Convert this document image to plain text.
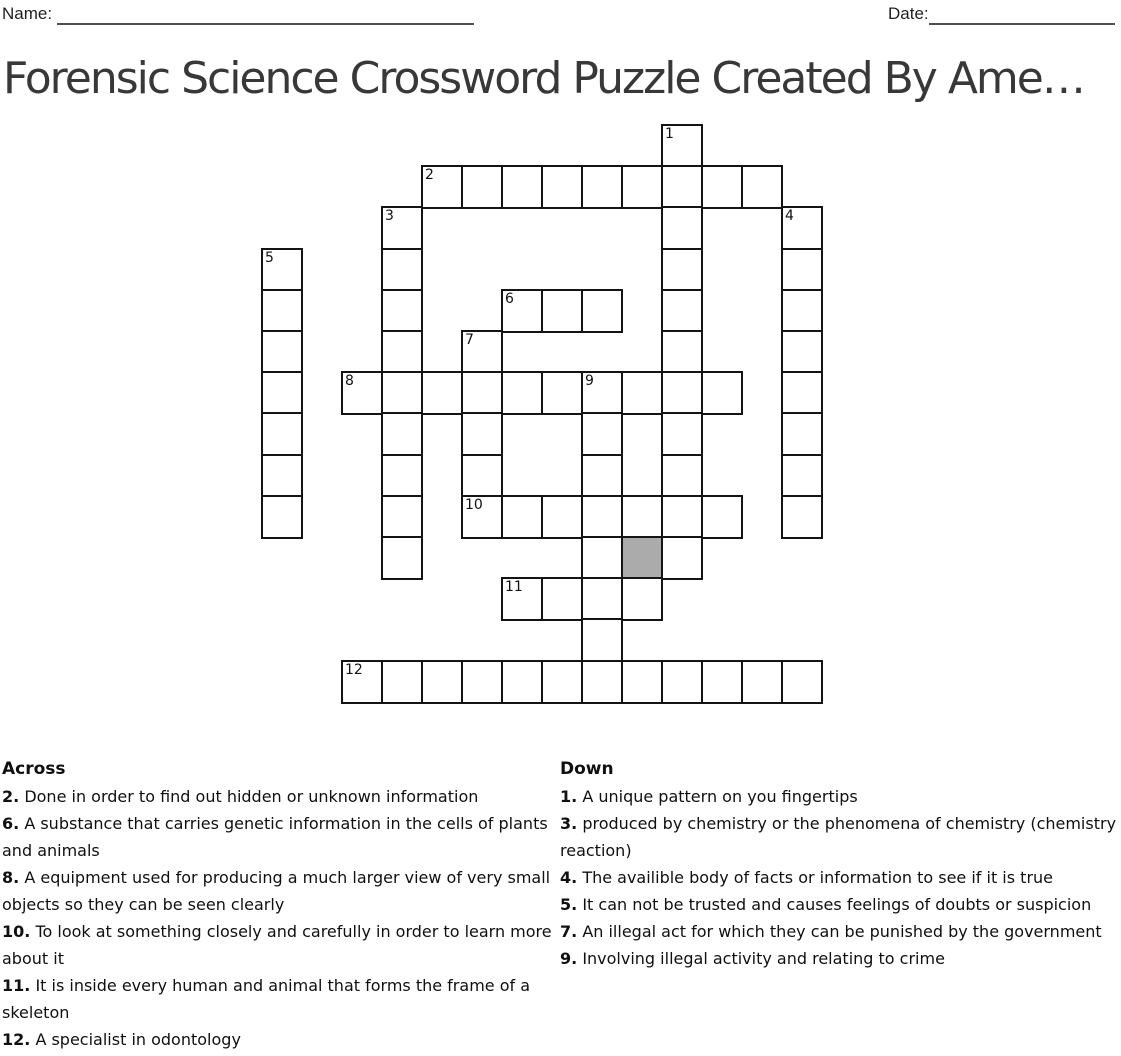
Name:	Date:
Forensic Science Crossword Puzzle Created By Ame…
1
2
3	4
5
6
7
8	9
10
11
12
Across
2. Done in order to find out hidden or unknown information
6. A substance that carries genetic information in the cells of plants and animals
8. A equipment used for producing a much larger view of very small objects so they can be seen clearly
10. To look at something closely and carefully in order to learn more about it
11. It is inside every human and animal that forms the frame of a skeleton
12. A specialist in odontology
Down
1. A unique pattern on you fingertips
3. produced by chemistry or the phenomena of chemistry (chemistry reaction)
4. The availible body of facts or information to see if it is true
5. It can not be trusted and causes feelings of doubts or suspicion
7. An illegal act for which they can be punished by the government
9. Involving illegal activity and relating to crime
